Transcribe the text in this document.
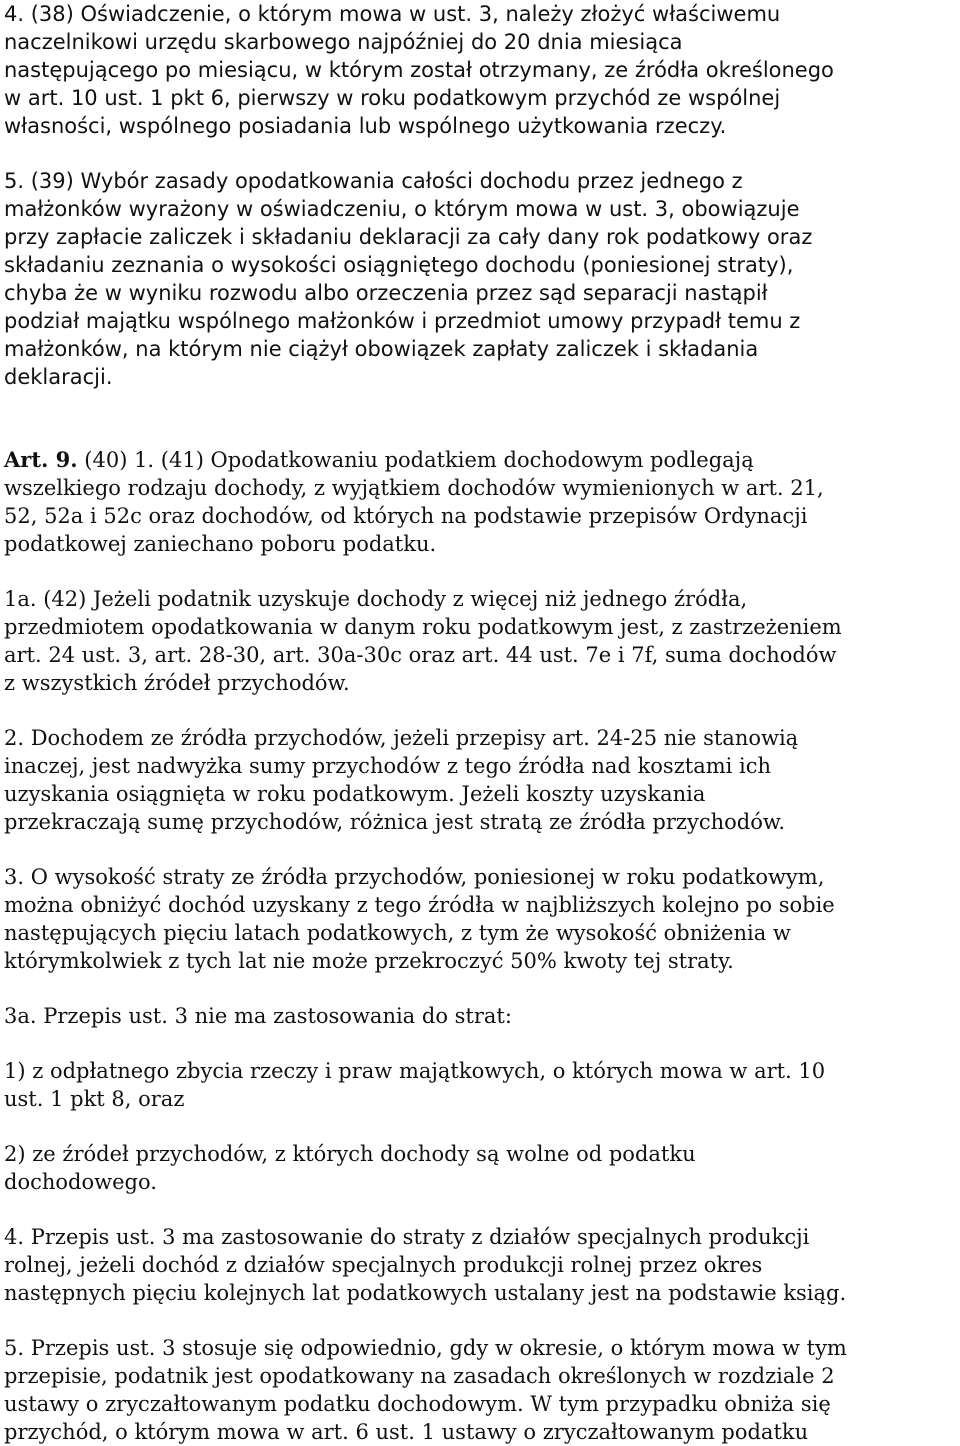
4. (38) Oświadczenie, o którym mowa w ust. 3, należy złożyć właściwemu
naczelnikowi urzędu skarbowego najpóźniej do 20 dnia miesiąca
następującego po miesiącu, w którym został otrzymany, ze źródła określonego
w art. 10 ust. 1 pkt 6, pierwszy w roku podatkowym przychód ze wspólnej
własności, wspólnego posiadania lub wspólnego użytkowania rzeczy.

5. (39) Wybór zasady opodatkowania całości dochodu przez jednego z
małżonków wyrażony w oświadczeniu, o którym mowa w ust. 3, obowiązuje
przy zapłacie zaliczek i składaniu deklaracji za cały dany rok podatkowy oraz
składaniu zeznania o wysokości osiągniętego dochodu (poniesionej straty),
chyba że w wyniku rozwodu albo orzeczenia przez sąd separacji nastąpił
podział majątku wspólnego małżonków i przedmiot umowy przypadł temu z
małżonków, na którym nie ciążył obowiązek zapłaty zaliczek i składania
deklaracji.

Art. 9. (40) 1. (41) Opodatkowaniu podatkiem dochodowym podlegają
wszelkiego rodzaju dochody, z wyjątkiem dochodów wymienionych w art. 21,
52, 52a i 52c oraz dochodów, od których na podstawie przepisów Ordynacji
podatkowej zaniechano poboru podatku.

1a. (42) Jeżeli podatnik uzyskuje dochody z więcej niż jednego źródła,
przedmiotem opodatkowania w danym roku podatkowym jest, z zastrzeżeniem
art. 24 ust. 3, art. 28-30, art. 30a-30c oraz art. 44 ust. 7e i 7f, suma dochodów
z wszystkich źródeł przychodów.

2. Dochodem ze źródła przychodów, jeżeli przepisy art. 24-25 nie stanowią
inaczej, jest nadwyżka sumy przychodów z tego źródła nad kosztami ich
uzyskania osiągnięta w roku podatkowym. Jeżeli koszty uzyskania
przekraczają sumę przychodów, różnica jest stratą ze źródła przychodów.

3. O wysokość straty ze źródła przychodów, poniesionej w roku podatkowym,
można obniżyć dochód uzyskany z tego źródła w najbliższych kolejno po sobie
następujących pięciu latach podatkowych, z tym że wysokość obniżenia w
którymkolwiek z tych lat nie może przekroczyć 50% kwoty tej straty.

3a. Przepis ust. 3 nie ma zastosowania do strat:

1) z odpłatnego zbycia rzeczy i praw majątkowych, o których mowa w art. 10
ust. 1 pkt 8, oraz

2) ze źródeł przychodów, z których dochody są wolne od podatku
dochodowego.

4. Przepis ust. 3 ma zastosowanie do straty z działów specjalnych produkcji
rolnej, jeżeli dochód z działów specjalnych produkcji rolnej przez okres
następnych pięciu kolejnych lat podatkowych ustalany jest na podstawie ksiąg.

5. Przepis ust. 3 stosuje się odpowiednio, gdy w okresie, o którym mowa w tym
przepisie, podatnik jest opodatkowany na zasadach określonych w rozdziale 2
ustawy o zryczałtowanym podatku dochodowym. W tym przypadku obniża się
przychód, o którym mowa w art. 6 ust. 1 ustawy o zryczałtowanym podatku
